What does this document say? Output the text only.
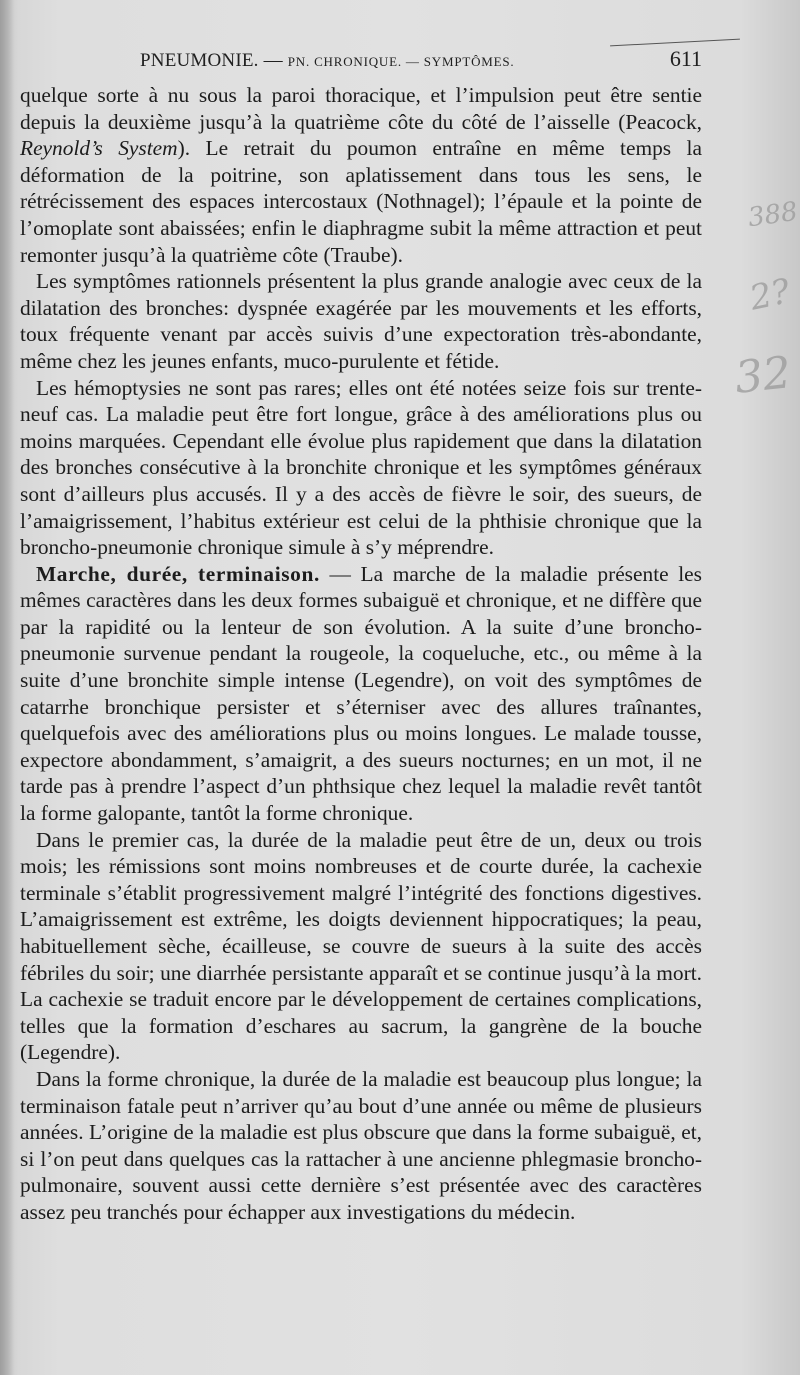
PNEUMONIE. — PN. CHRONIQUE. — SYMPTÔMES.	611

quelque sorte à nu sous la paroi thoracique, et l’impulsion peut être sentie depuis la deuxième jusqu’à la quatrième côte du côté de l’aisselle (Peacock, Reynold’s System). Le retrait du poumon entraîne en même temps la déformation de la poitrine, son aplatissement dans tous les sens, le rétrécissement des espaces intercostaux (Nothnagel); l’épaule et la pointe de l’omoplate sont abaissées; enfin le diaphragme subit la même attraction et peut remonter jusqu’à la quatrième côte (Traube).

Les symptômes rationnels présentent la plus grande analogie avec ceux de la dilatation des bronches: dyspnée exagérée par les mouvements et les efforts, toux fréquente venant par accès suivis d’une expectoration très-abondante, même chez les jeunes enfants, muco-purulente et fétide.

Les hémoptysies ne sont pas rares; elles ont été notées seize fois sur trente-neuf cas. La maladie peut être fort longue, grâce à des améliorations plus ou moins marquées. Cependant elle évolue plus rapidement que dans la dilatation des bronches consécutive à la bronchite chronique et les symptômes généraux sont d’ailleurs plus accusés. Il y a des accès de fièvre le soir, des sueurs, de l’amaigrissement, l’habitus extérieur est celui de la phthisie chronique que la broncho-pneumonie chronique simule à s’y méprendre.

Marche, durée, terminaison. — La marche de la maladie présente les mêmes caractères dans les deux formes subaiguë et chronique, et ne diffère que par la rapidité ou la lenteur de son évolution. A la suite d’une broncho-pneumonie survenue pendant la rougeole, la coqueluche, etc., ou même à la suite d’une bronchite simple intense (Legendre), on voit des symptômes de catarrhe bronchique persister et s’éterniser avec des allures traînantes, quelquefois avec des améliorations plus ou moins longues. Le malade tousse, expectore abondamment, s’amaigrit, a des sueurs nocturnes; en un mot, il ne tarde pas à prendre l’aspect d’un phthsique chez lequel la maladie revêt tantôt la forme galopante, tantôt la forme chronique.

Dans le premier cas, la durée de la maladie peut être de un, deux ou trois mois; les rémissions sont moins nombreuses et de courte durée, la cachexie terminale s’établit progressivement malgré l’intégrité des fonctions digestives. L’amaigrissement est extrême, les doigts deviennent hippocratiques; la peau, habituellement sèche, écailleuse, se couvre de sueurs à la suite des accès fébriles du soir; une diarrhée persistante apparaît et se continue jusqu’à la mort. La cachexie se traduit encore par le développement de certaines complications, telles que la formation d’eschares au sacrum, la gangrène de la bouche (Legendre).

Dans la forme chronique, la durée de la maladie est beaucoup plus longue; la terminaison fatale peut n’arriver qu’au bout d’une année ou même de plusieurs années. L’origine de la maladie est plus obscure que dans la forme subaiguë, et, si l’on peut dans quelques cas la rattacher à une ancienne phlegmasie broncho-pulmonaire, souvent aussi cette dernière s’est présentée avec des caractères assez peu tranchés pour échapper aux investigations du médecin.

388
2?
32
